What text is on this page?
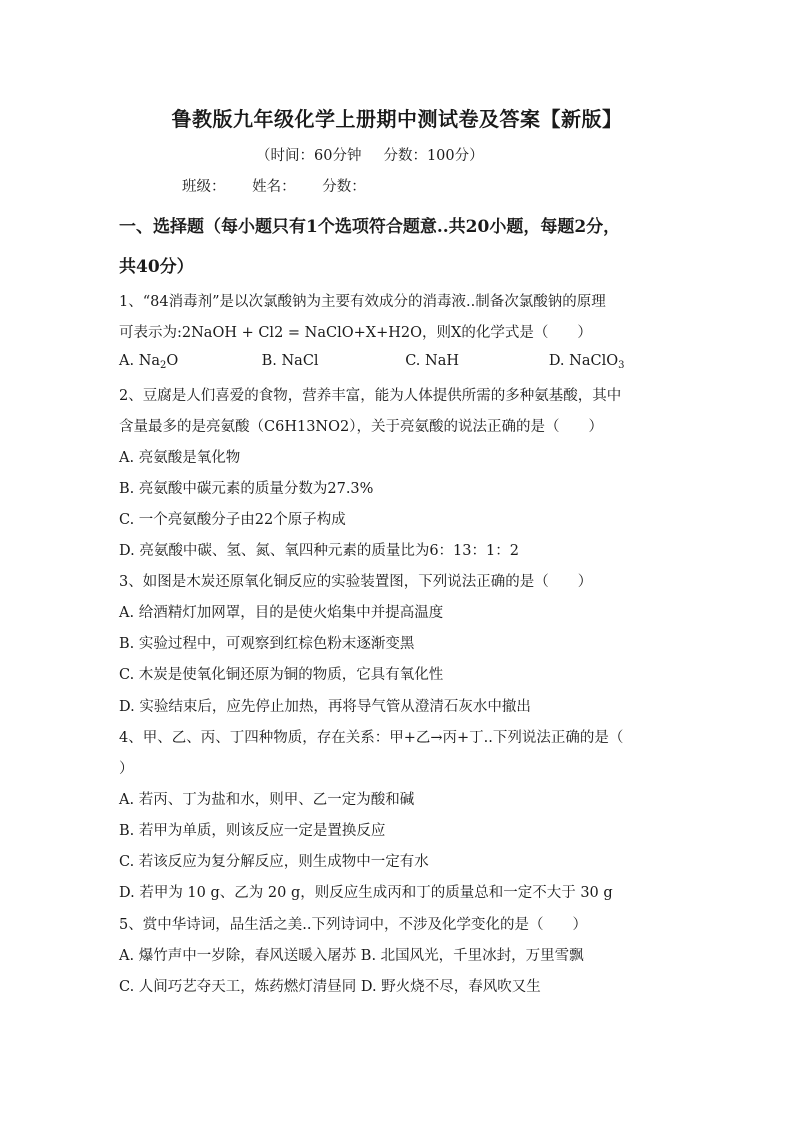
鲁教版九年级化学上册期中测试卷及答案【新版】
（时间：60分钟 分数：100分）
班级： 姓名： 分数：
一、选择题（每小题只有1个选项符合题意..共20小题，每题2分，
共40分）
1、“84消毒剂”是以次氯酸钠为主要有效成分的消毒液..制备次氯酸钠的原理
可表示为:2NaOH + Cl2 = NaClO+X+H2O，则X的化学式是（　　）
A. $Na_2O$	B. NaCl	C. NaH	D. NaClO$_3$
2、豆腐是人们喜爱的食物，营养丰富，能为人体提供所需的多种氨基酸，其中
含量最多的是亮氨酸（C6H13NO2），关于亮氨酸的说法正确的是（　　）
A. 亮氨酸是氧化物
B. 亮氨酸中碳元素的质量分数为27.3%
C. 一个亮氨酸分子由22个原子构成
D. 亮氨酸中碳、氢、氮、氧四种元素的质量比为6：13：1：2
3、如图是木炭还原氧化铜反应的实验装置图，下列说法正确的是（　　）
A. 给酒精灯加网罩，目的是使火焰集中并提高温度
B. 实验过程中，可观察到红棕色粉末逐渐变黑
C. 木炭是使氧化铜还原为铜的物质，它具有氧化性
D. 实验结束后，应先停止加热，再将导气管从澄清石灰水中撤出
4、甲、乙、丙、丁四种物质，存在关系：甲+乙→丙+丁..下列说法正确的是（
）
A. 若丙、丁为盐和水，则甲、乙一定为酸和碱
B. 若甲为单质，则该反应一定是置换反应
C. 若该反应为复分解反应，则生成物中一定有水
D. 若甲为 10 g、乙为 20 g，则反应生成丙和丁的质量总和一定不大于 30 g
5、赏中华诗词，品生活之美..下列诗词中，不涉及化学变化的是（　　）
A. 爆竹声中一岁除，春风送暖入屠苏 B. 北国风光，千里冰封，万里雪飘
C. 人间巧艺夺天工，炼药燃灯清昼同 D. 野火烧不尽，春风吹又生
